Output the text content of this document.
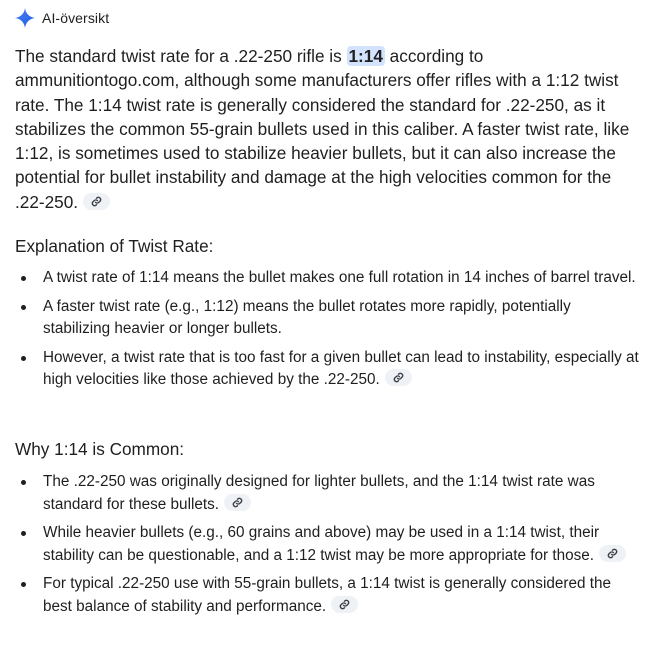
AI-översikt

The standard twist rate for a .22-250 rifle is 1:14 according to ammunitiontogo.com, although some manufacturers offer rifles with a 1:12 twist rate. The 1:14 twist rate is generally considered the standard for .22-250, as it stabilizes the common 55-grain bullets used in this caliber. A faster twist rate, like 1:12, is sometimes used to stabilize heavier bullets, but it can also increase the potential for bullet instability and damage at the high velocities common for the .22-250.

Explanation of Twist Rate:
A twist rate of 1:14 means the bullet makes one full rotation in 14 inches of barrel travel.
A faster twist rate (e.g., 1:12) means the bullet rotates more rapidly, potentially stabilizing heavier or longer bullets.
However, a twist rate that is too fast for a given bullet can lead to instability, especially at high velocities like those achieved by the .22-250.
Why 1:14 is Common:
The .22-250 was originally designed for lighter bullets, and the 1:14 twist rate was standard for these bullets.
While heavier bullets (e.g., 60 grains and above) may be used in a 1:14 twist, their stability can be questionable, and a 1:12 twist may be more appropriate for those.
For typical .22-250 use with 55-grain bullets, a 1:14 twist is generally considered the best balance of stability and performance.
